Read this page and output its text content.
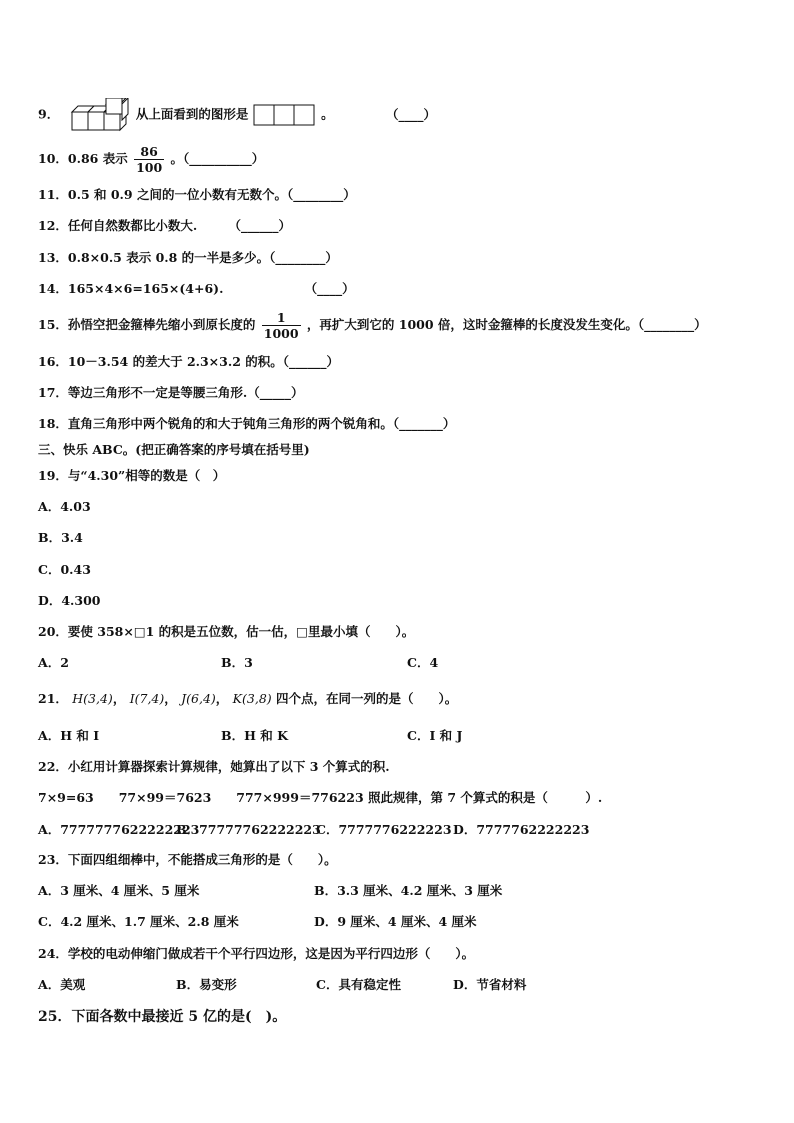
9．	从上面看到的图形是	。	（____）
10．0.86 表示 $\frac{86}{100}$ 。（__________）
11．0.5 和 0.9 之间的一位小数有无数个。（________）
12．任何自然数都比小数大.　　　（______）
13．0.8×0.5 表示 0.8 的一半是多少。（________）
14．165×4×6=165×(4+6).　　　　　　　（____）
15．孙悟空把金箍棒先缩小到原长度的 $\frac{1}{1000}$ ，再扩大到它的 1000 倍，这时金箍棒的长度没发生变化。（________）
16．10－3.54 的差大于 2.3×3.2 的积。（______）
17．等边三角形不一定是等腰三角形.（_____）
18．直角三角形中两个锐角的和大于钝角三角形的两个锐角和。（_______）
三、快乐 ABC。(把正确答案的序号填在括号里)
19．与“4.30”相等的数是（　）
A．4.03
B．3.4
C．0.43
D．4.300
20．要使 358×□1 的积是五位数，估一估，□里最小填（　　）。
A．2	B．3	C．4
21． H(3,4)， I(7,4)， J(6,4)， K(3,8) 四个点，在同一列的是（　　）。
A．H 和 I	B．H 和 K	C．I 和 J
22．小红用计算器探索计算规律，她算出了以下 3 个算式的积.
7×9=63　　77×99＝7623　　777×999＝776223 照此规律，第 7 个算式的积是（　　　）.
A．7777777622222223
B．77777762222223
C．7777776222223 D．7777762222223
23．下面四组细棒中，不能搭成三角形的是（　　）。
A．3 厘米、4 厘米、5 厘米	B．3.3 厘米、4.2 厘米、3 厘米
C．4.2 厘米、1.7 厘米、2.8 厘米	D．9 厘米、4 厘米、4 厘米
24．学校的电动伸缩门做成若干个平行四边形，这是因为平行四边形（　　）。
A．美观	B．易变形	C．具有稳定性	D．节省材料
25．下面各数中最接近 5 亿的是(　)。
